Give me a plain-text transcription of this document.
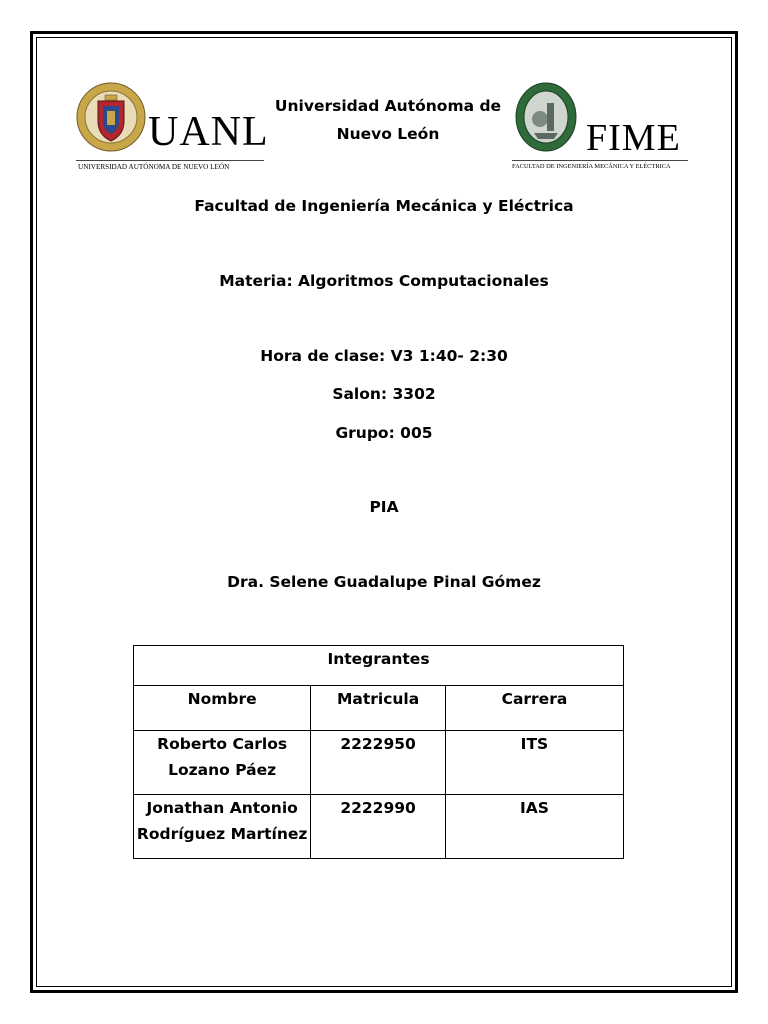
UANL
UNIVERSIDAD AUTÓNOMA DE NUEVO LEÓN
Universidad Autónoma de
Nuevo León	FIME
FACULTAD DE INGENIERÍA MECÁNICA Y ELÉCTRICA
Facultad de Ingeniería Mecánica y Eléctrica
Materia: Algoritmos Computacionales
Hora de clase: V3 1:40- 2:30
Salon: 3302
Grupo: 005
PIA
Dra. Selene Guadalupe Pinal Gómez
Integrantes		
Nombre	Matricula	Carrera

Roberto Carlos
Lozano Páez	2222950	ITS

Jonathan Antonio
Rodríguez Martínez	2222990	IAS
